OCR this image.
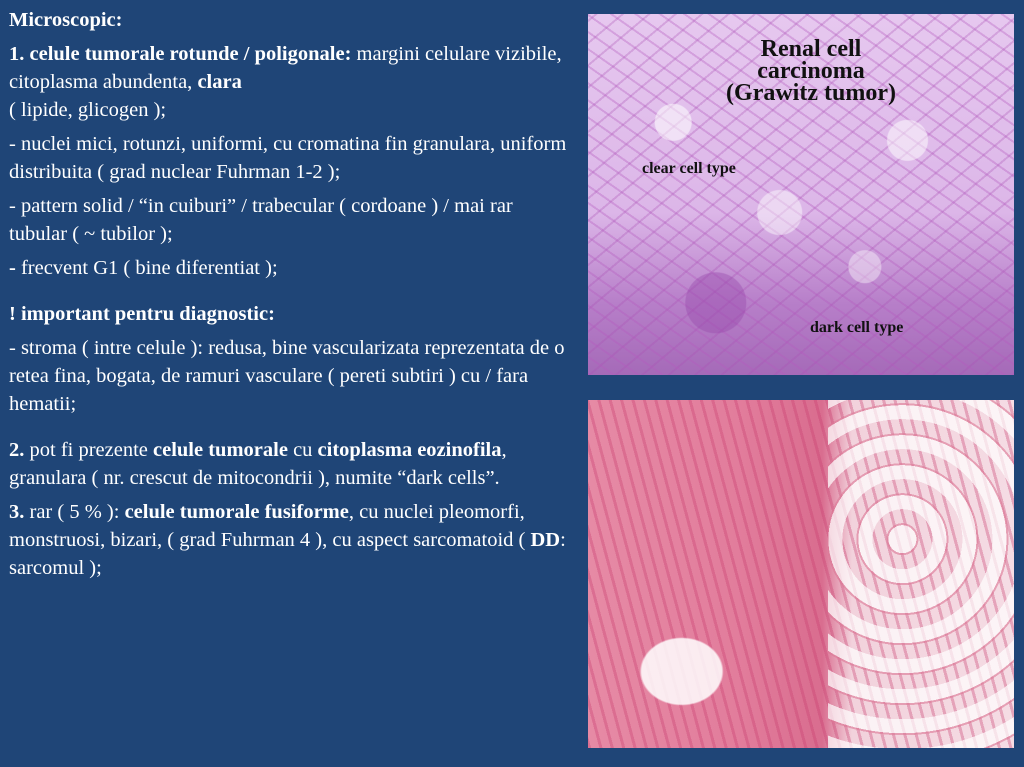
Microscopic:

1. celule tumorale rotunde / poligonale: margini celulare vizibile, citoplasma abundenta, clara
( lipide, glicogen );

- nuclei mici, rotunzi, uniformi, cu cromatina fin granulara, uniform distribuita ( grad nuclear Fuhrman 1-2 );

- pattern solid / “in cuiburi” / trabecular ( cordoane ) / mai rar tubular ( ~ tubilor );

- frecvent G1 ( bine diferentiat );

! important pentru diagnostic:

- stroma ( intre celule ): redusa, bine vascularizata reprezentata de o retea fina, bogata, de ramuri vasculare ( pereti subtiri ) cu / fara hematii;

2. pot fi prezente celule tumorale cu citoplasma eozinofila, granulara ( nr. crescut de mitocondrii ), numite “dark cells”.

3. rar ( 5 % ): celule tumorale fusiforme, cu nuclei pleomorfi, monstruosi, bizari, ( grad Fuhrman 4 ), cu aspect sarcomatoid ( DD: sarcomul );

Renal cell carcinoma
(Grawitz tumor)
clear cell type
dark cell type
